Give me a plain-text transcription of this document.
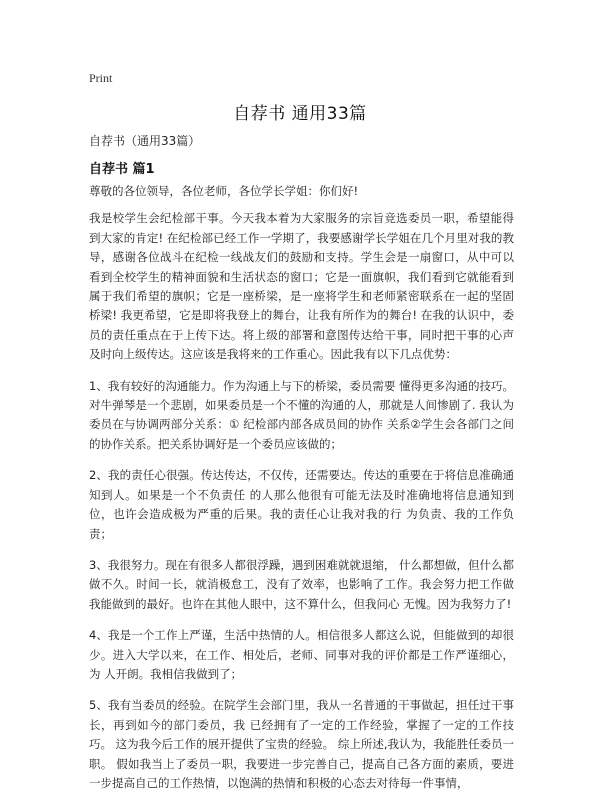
Print
自荐书 通用33篇
自荐书（通用33篇）
自荐书 篇1

尊敬的各位领导，各位老师，各位学长学姐：你们好!

我是校学生会纪检部干事。今天我本着为大家服务的宗旨竞选委员一职，希望能得到大家的肯定! 在纪检部已经工作一学期了，我要感谢学长学姐在几个月里对我的教导，感谢各位战斗在纪检一线战友们的鼓励和支持。学生会是一扇窗口，从中可以看到全校学生的精神面貌和生活状态的窗口；它是一面旗帜，我们看到它就能看到属于我们希望的旗帜；它是一座桥梁，是一座将学生和老师紧密联系在一起的坚固桥梁! 我更希望，它是即将我登上的舞台，让我有所作为的舞台! 在我的认识中，委员的责任重点在于上传下达。将上级的部署和意图传达给干事，同时把干事的心声及时向上级传达。这应该是我将来的工作重心。因此我有以下几点优势：

1、我有较好的沟通能力。作为沟通上与下的桥梁，委员需要 懂得更多沟通的技巧。对牛弹琴是一个悲剧，如果委员是一个不懂的沟通的人，那就是人间惨剧了. 我认为委员在与协调两部分关系：① 纪检部内部各成员间的协作 关系②学生会各部门之间的协作关系。把关系协调好是一个委员应该做的；

2、我的责任心很强。传达传达，不仅传，还需要达。传达的重要在于将信息准确通知到人。如果是一个不负责任 的人那么他很有可能无法及时准确地将信息通知到位，也许会造成极为严重的后果。我的责任心让我对我的行 为负责、我的工作负责；

3、我很努力。现在有很多人都很浮躁，遇到困难就就退缩， 什么都想做，但什么都做不久。时间一长，就消极怠工，没有了效率，也影响了工作。我会努力把工作做我能做到的最好。也许在其他人眼中，这不算什么，但我问心 无愧。因为我努力了!

4、我是一个工作上严谨，生活中热情的人。相信很多人都这么说，但能做到的却很少。进入大学以来，在工作、相处后，老师、同事对我的评价都是工作严谨细心，为 人开朗。我相信我做到了；

5、我有当委员的经验。在院学生会部门里，我从一名普通的干事做起，担任过干事长，再到如今的部门委员，我 已经拥有了一定的工作经验，掌握了一定的工作技巧。 这为我今后工作的展开提供了宝贵的经验。 综上所述,我认为，我能胜任委员一职。 假如我当上了委员一职，我要进一步完善自己，提高自己各方面的素质，要进一步提高自己的工作热情，以饱满的热情和积极的心态去对待每一件事情，
